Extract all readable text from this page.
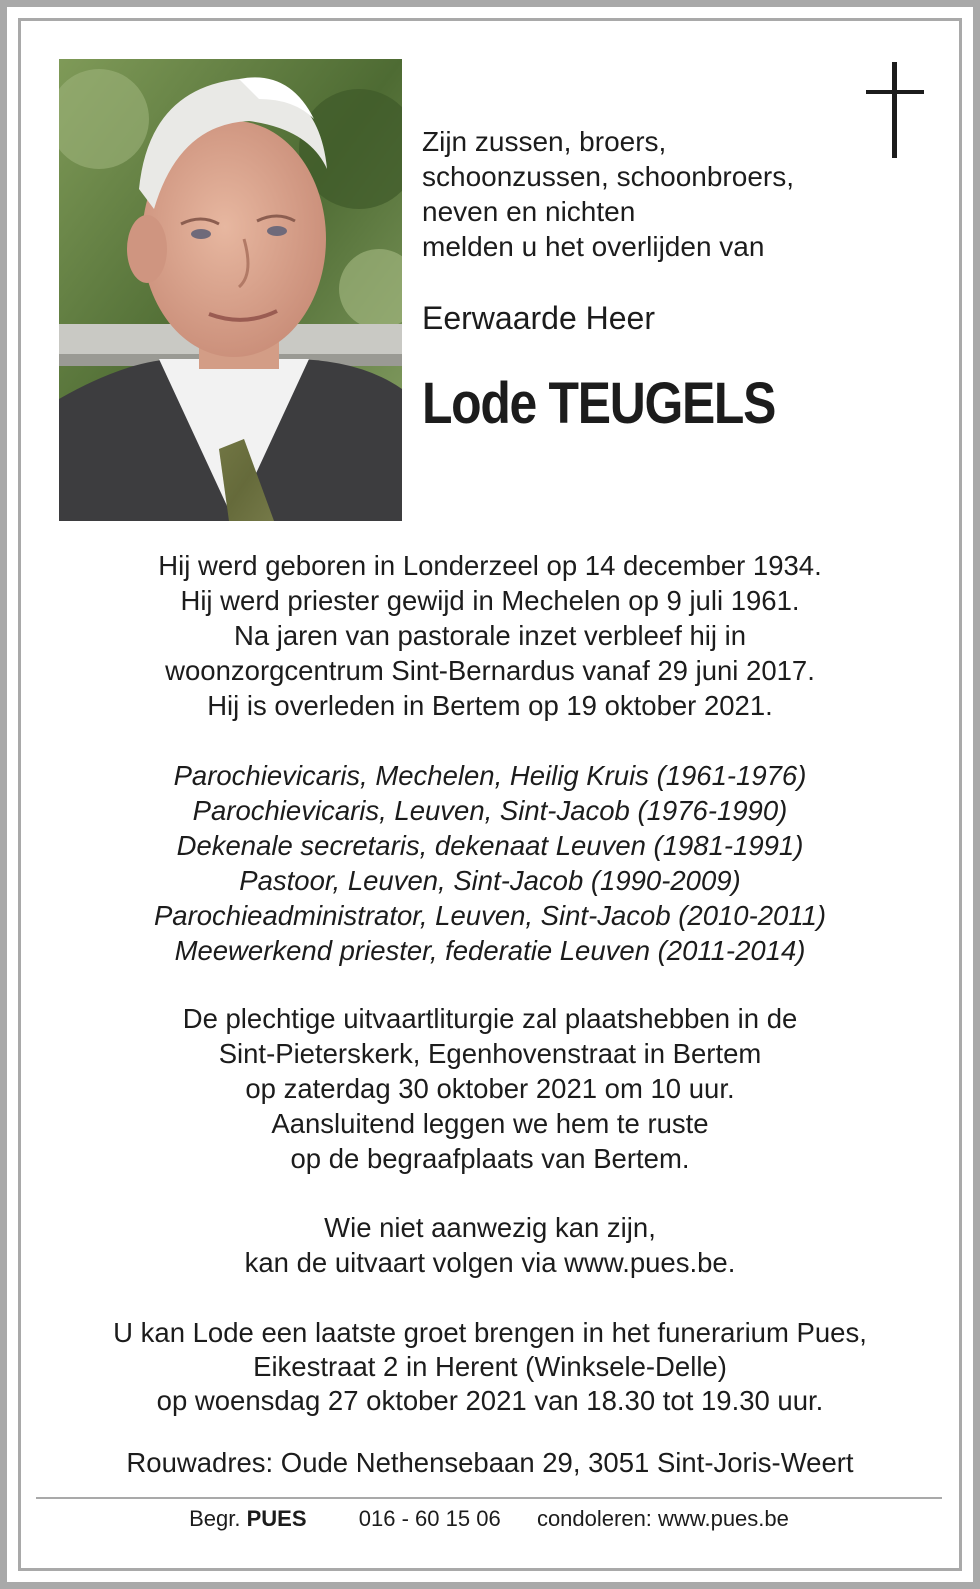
Zijn zussen, broers,
schoonzussen, schoonbroers,
neven en nichten
melden u het overlijden van
Eerwaarde Heer
Lode TEUGELS
Hij werd geboren in Londerzeel op 14 december 1934.
Hij werd priester gewijd in Mechelen op 9 juli 1961.
Na jaren van pastorale inzet verbleef hij in
woonzorgcentrum Sint-Bernardus vanaf 29 juni 2017.
Hij is overleden in Bertem op 19 oktober 2021.
Parochievicaris, Mechelen, Heilig Kruis (1961-1976)
Parochievicaris, Leuven, Sint-Jacob (1976-1990)
Dekenale secretaris, dekenaat Leuven (1981-1991)
Pastoor, Leuven, Sint-Jacob (1990-2009)
Parochieadministrator, Leuven, Sint-Jacob (2010-2011)
Meewerkend priester, federatie Leuven (2011-2014)
De plechtige uitvaartliturgie zal plaatshebben in de
Sint-Pieterskerk, Egenhovenstraat in Bertem
op zaterdag 30 oktober 2021 om 10 uur.
Aansluitend leggen we hem te ruste
op de begraafplaats van Bertem.
Wie niet aanwezig kan zijn,
kan de uitvaart volgen via www.pues.be.
U kan Lode een laatste groet brengen in het funerarium Pues,
Eikestraat 2 in Herent (Winksele-Delle)
op woensdag 27 oktober 2021 van 18.30 tot 19.30 uur.
Rouwadres: Oude Nethensebaan 29, 3051 Sint-Joris-Weert
Begr. PUES 016 - 60 15 06 condoleren: www.pues.be
